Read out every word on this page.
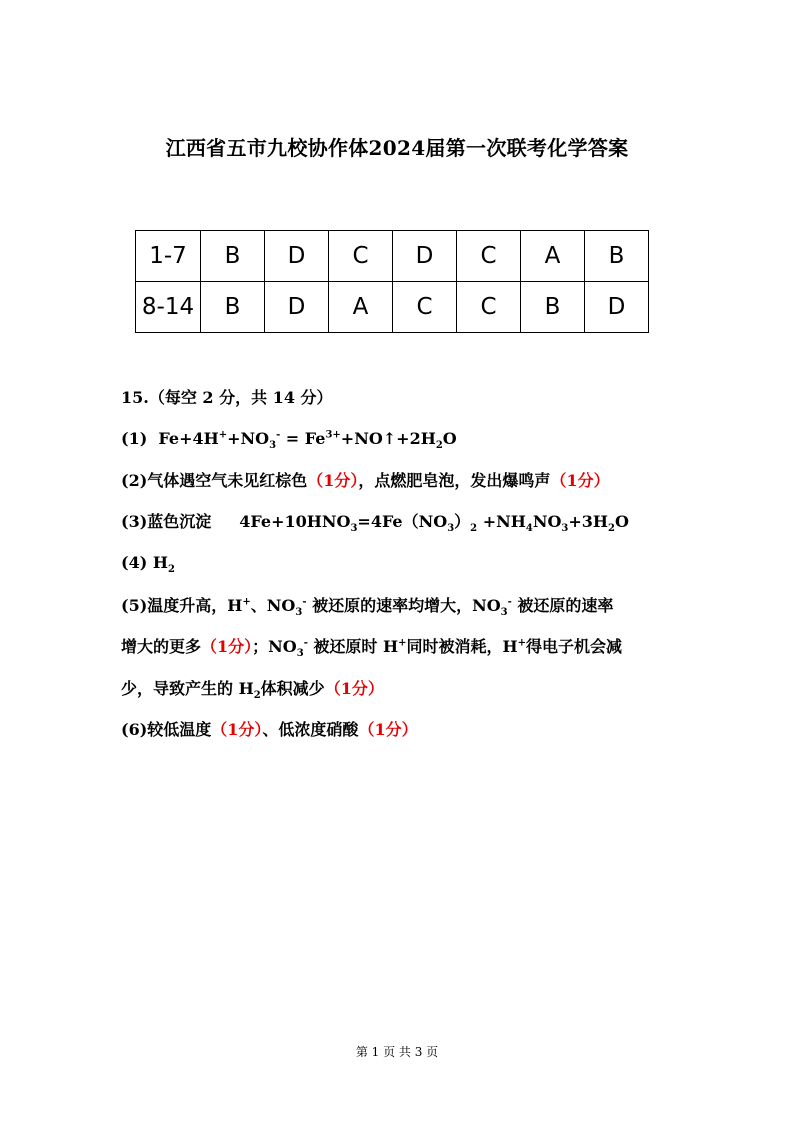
江西省五市九校协作体2024届第一次联考化学答案
1-7	B	D	C	D	C	A	B
8-14	B	D	A	C	C	B	D
15.（每空 2 分，共 14 分）
(1) $Fe+4H^++NO_3^-$ = $Fe^{3+}+NO↑+2H_2O$
(2)气体遇空气未见红棕色（1分），点燃肥皂泡，发出爆鸣声（1分）
(3)蓝色沉淀 $4Fe+10HNO_3=4Fe(NO_3)_2 +NH_4NO_3+3H_2O$
(4) $H_2$
(5)温度升高，H+、$NO_3^-$ 被还原的速率均增大，$NO_3^-$ 被还原的速率
增大的更多（1分）；$NO_3^-$ 被还原时 H+同时被消耗，H+得电子机会减
少，导致产生的 $H_2$体积减少（1分）
(6)较低温度（1分）、低浓度硝酸（1分）
第 1 页 共 3 页
